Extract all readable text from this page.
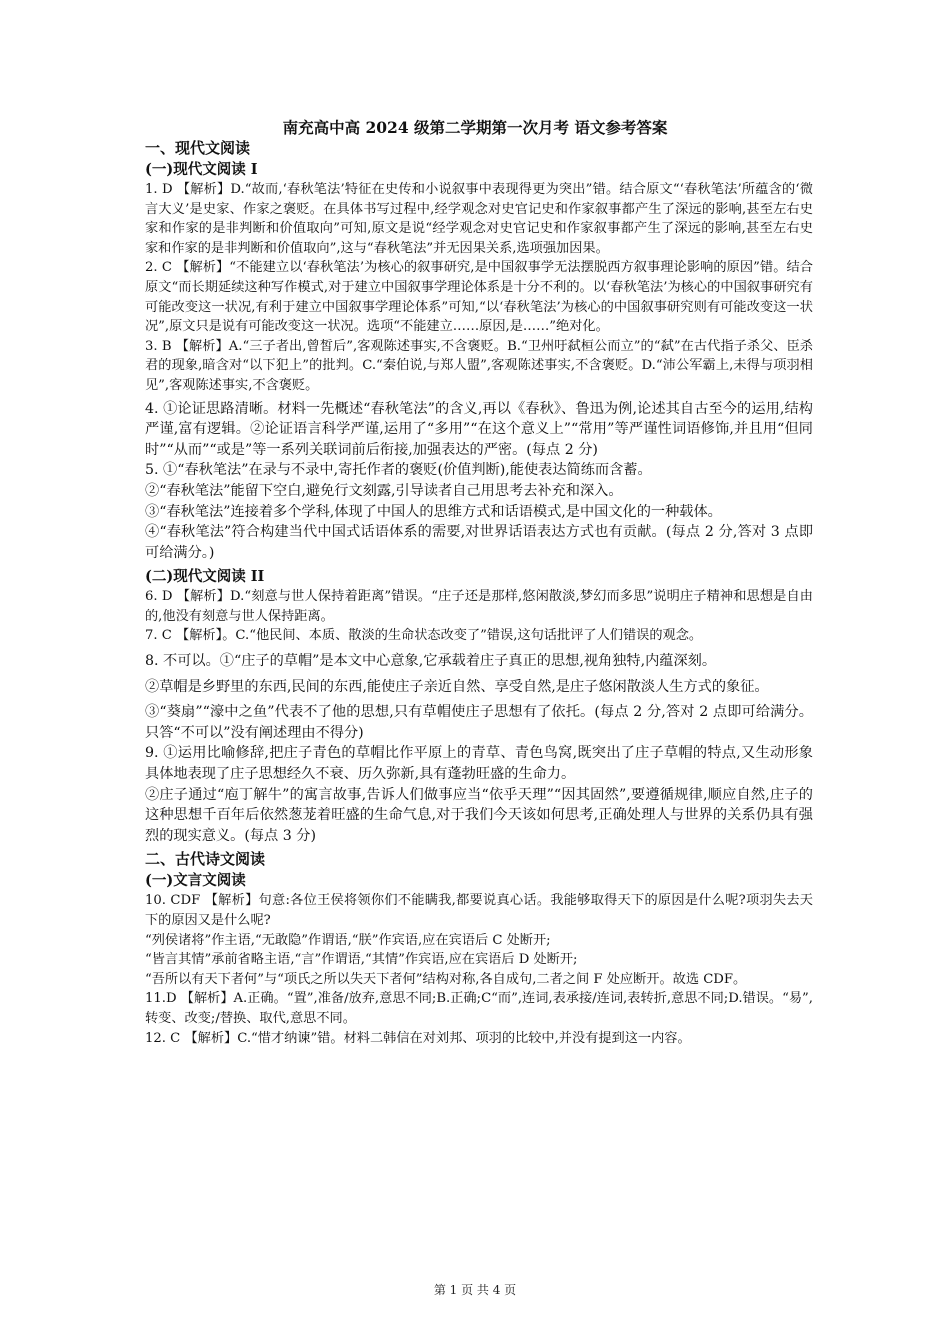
南充高中高 2024 级第二学期第一次月考 语文参考答案
一、现代文阅读
(一)现代文阅读 I

1. D 【解析】D.“故而,‘春秋笔法’特征在史传和小说叙事中表现得更为突出”错。结合原文“‘春秋笔法’所蕴含的‘微言大义’是史家、作家之褒贬。在具体书写过程中,经学观念对史官记史和作家叙事都产生了深远的影响,甚至左右史家和作家的是非判断和价值取向”可知,原文是说“经学观念对史官记史和作家叙事都产生了深远的影响,甚至左右史家和作家的是非判断和价值取向”,这与“春秋笔法”并无因果关系,选项强加因果。

2. C 【解析】“不能建立以‘春秋笔法’为核心的叙事研究,是中国叙事学无法摆脱西方叙事理论影响的原因”错。结合原文“而长期延续这种写作模式,对于建立中国叙事学理论体系是十分不利的。以‘春秋笔法’为核心的中国叙事研究有可能改变这一状况,有利于建立中国叙事学理论体系”可知,“以‘春秋笔法’为核心的中国叙事研究则有可能改变这一状况”,原文只是说有可能改变这一状况。选项“不能建立……原因,是……”绝对化。

3. B 【解析】A.“三子者出,曾皙后”,客观陈述事实,不含褒贬。B.“卫州吁弑桓公而立”的“弑”在古代指子杀父、臣杀君的现象,暗含对“以下犯上”的批判。C.“秦伯说,与郑人盟”,客观陈述事实,不含褒贬。D.“沛公军霸上,未得与项羽相见”,客观陈述事实,不含褒贬。

4. ①论证思路清晰。材料一先概述“春秋笔法”的含义,再以《春秋》、鲁迅为例,论述其自古至今的运用,结构严谨,富有逻辑。②论证语言科学严谨,运用了“多用”“在这个意义上”“常用”等严谨性词语修饰,并且用“但同时”“从而”“或是”等一系列关联词前后衔接,加强表达的严密。(每点 2 分)

5. ①“春秋笔法”在录与不录中,寄托作者的褒贬(价值判断),能使表达简练而含蓄。

②“春秋笔法”能留下空白,避免行文刻露,引导读者自己用思考去补充和深入。

③“春秋笔法”连接着多个学科,体现了中国人的思维方式和话语模式,是中国文化的一种载体。

④“春秋笔法”符合构建当代中国式话语体系的需要,对世界话语表达方式也有贡献。(每点 2 分,答对 3 点即可给满分。)

(二)现代文阅读 II

6. D 【解析】D.“刻意与世人保持着距离”错误。“庄子还是那样,悠闲散淡,梦幻而多思”说明庄子精神和思想是自由的,他没有刻意与世人保持距离。

7. C 【解析】。C.“他民间、本质、散淡的生命状态改变了”错误,这句话批评了人们错误的观念。

8. 不可以。①“庄子的草帽”是本文中心意象,它承载着庄子真正的思想,视角独特,内蕴深刻。

②草帽是乡野里的东西,民间的东西,能使庄子亲近自然、享受自然,是庄子悠闲散淡人生方式的象征。

③“葵扇”“濠中之鱼”代表不了他的思想,只有草帽使庄子思想有了依托。(每点 2 分,答对 2 点即可给满分。只答“不可以”没有阐述理由不得分)

9. ①运用比喻修辞,把庄子青色的草帽比作平原上的青草、青色鸟窝,既突出了庄子草帽的特点,又生动形象具体地表现了庄子思想经久不衰、历久弥新,具有蓬勃旺盛的生命力。

②庄子通过“庖丁解牛”的寓言故事,告诉人们做事应当“依乎天理”“因其固然”,要遵循规律,顺应自然,庄子的这种思想千百年后依然葱茏着旺盛的生命气息,对于我们今天该如何思考,正确处理人与世界的关系仍具有强烈的现实意义。(每点 3 分)

二、古代诗文阅读
(一)文言文阅读

10. CDF 【解析】句意:各位王侯将领你们不能瞒我,都要说真心话。我能够取得天下的原因是什么呢?项羽失去天下的原因又是什么呢?

“列侯诸将”作主语,“无敢隐”作谓语,“朕”作宾语,应在宾语后 C 处断开;

“皆言其情”承前省略主语,“言”作谓语,“其情”作宾语,应在宾语后 D 处断开;

“吾所以有天下者何”与“项氏之所以失天下者何”结构对称,各自成句,二者之间 F 处应断开。故选 CDF。

11.D 【解析】A.正确。“置”,准备/放弃,意思不同;B.正确;C“而”,连词,表承接/连词,表转折,意思不同;D.错误。“易”,转变、改变;/替换、取代,意思不同。

12. C 【解析】C.“惜才纳谏”错。材料二韩信在对刘邦、项羽的比较中,并没有提到这一内容。

第 1 页 共 4 页
